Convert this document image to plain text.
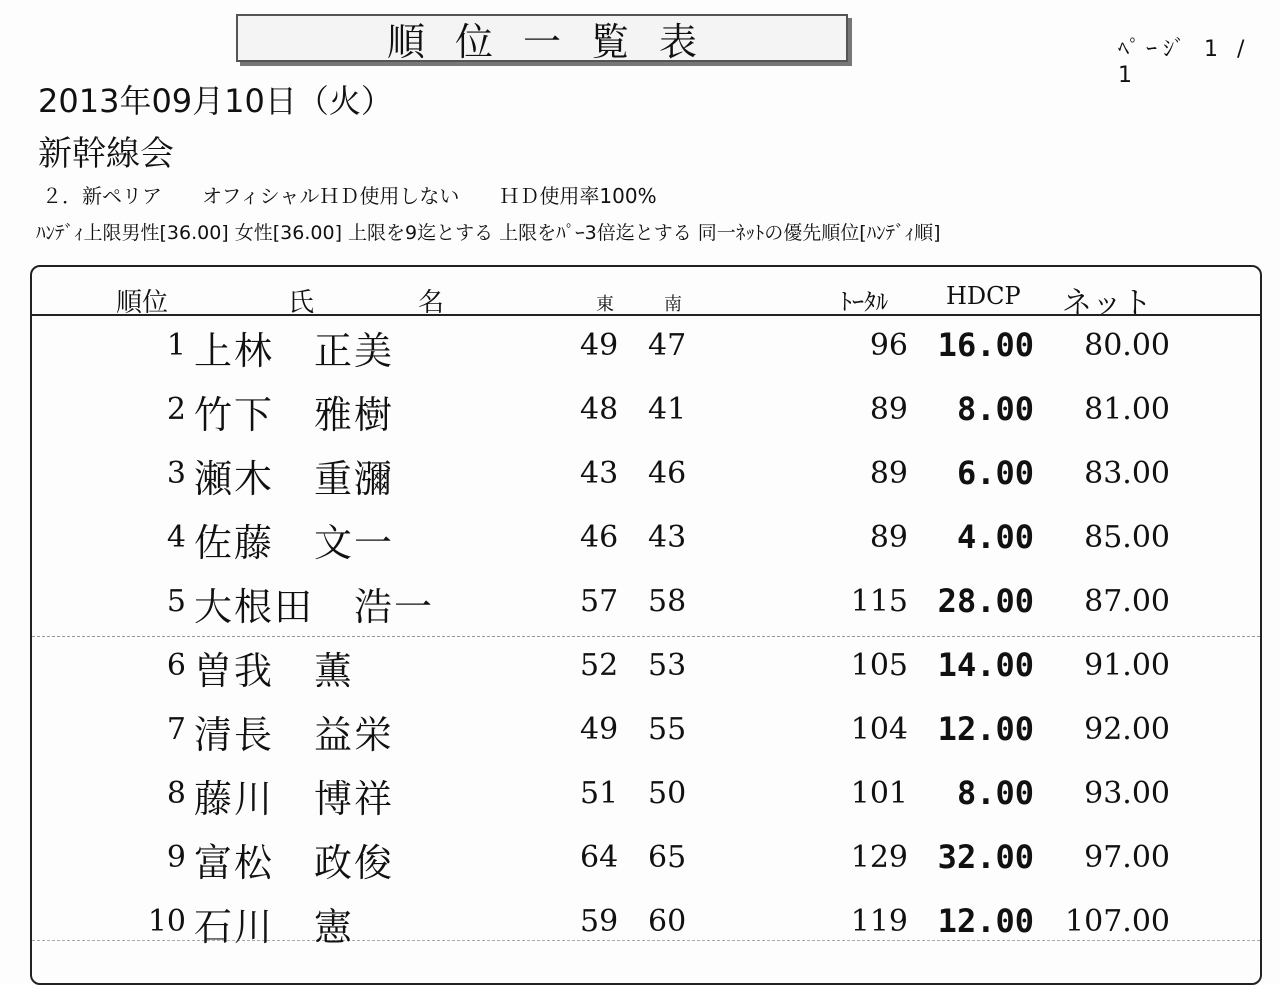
順位一覧表	ﾍﾟｰｼﾞ 1 / 1
2013年09月10日（火）
新幹線会
２．新ペリア　　オフィシャルＨＤ使用しない　　ＨＤ使用率100%
ﾊﾝﾃﾞｨ上限男性[36.00] 女性[36.00] 上限を9迄とする 上限をﾊﾟｰ3倍迄とする 同一ﾈｯﾄの優先順位[ﾊﾝﾃﾞｨ順]
順位	氏	名	東	南	ﾄｰﾀﾙ HDCP ネット
1 上林　正美	49 47	96 16.00 80.00
2 竹下　雅樹	48 41	89 8.00 81.00
3 瀬木　重瀰	43 46	89 6.00 83.00
4 佐藤　文一	46 43	89 4.00 85.00
5 大根田　浩一	57 58	115 28.00 87.00
6 曽我　薫	52 53	105 14.00 91.00
7 清長　益栄	49 55	104 12.00 92.00
8 藤川　博祥	51 50	101 8.00 93.00
9 富松　政俊	64 65	129 32.00 97.00
10 石川　憲	59 60	119 12.00 107.00
